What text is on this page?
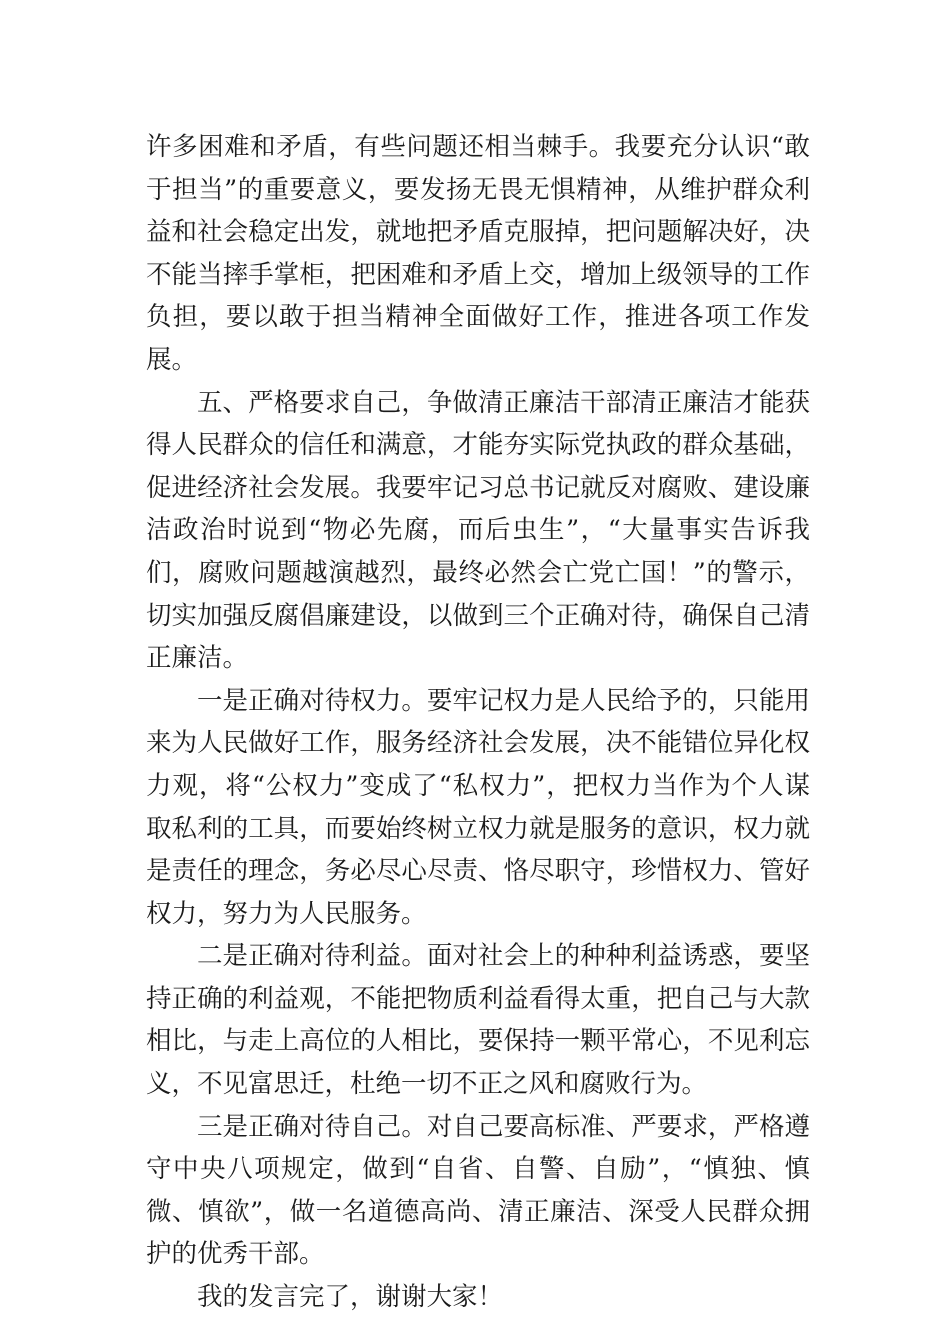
许多困难和矛盾，有些问题还相当棘手。我要充分认识“敢于担当”的重要意义，要发扬无畏无惧精神，从维护群众利益和社会稳定出发，就地把矛盾克服掉，把问题解决好，决不能当摔手掌柜，把困难和矛盾上交，增加上级领导的工作负担，要以敢于担当精神全面做好工作，推进各项工作发展。

五、严格要求自己，争做清正廉洁干部清正廉洁才能获得人民群众的信任和满意，才能夯实际党执政的群众基础，促进经济社会发展。我要牢记习总书记就反对腐败、建设廉洁政治时说到“物必先腐，而后虫生”，“大量事实告诉我们，腐败问题越演越烈，最终必然会亡党亡国！”的警示，切实加强反腐倡廉建设，以做到三个正确对待，确保自己清正廉洁。

一是正确对待权力。要牢记权力是人民给予的，只能用来为人民做好工作，服务经济社会发展，决不能错位异化权力观，将“公权力”变成了“私权力”，把权力当作为个人谋取私利的工具，而要始终树立权力就是服务的意识，权力就是责任的理念，务必尽心尽责、恪尽职守，珍惜权力、管好权力，努力为人民服务。

二是正确对待利益。面对社会上的种种利益诱惑，要坚持正确的利益观，不能把物质利益看得太重，把自己与大款相比，与走上高位的人相比，要保持一颗平常心，不见利忘义，不见富思迁，杜绝一切不正之风和腐败行为。

三是正确对待自己。对自己要高标准、严要求，严格遵守中央八项规定，做到“自省、自警、自励”，“慎独、慎微、慎欲”，做一名道德高尚、清正廉洁、深受人民群众拥护的优秀干部。

我的发言完了，谢谢大家！
